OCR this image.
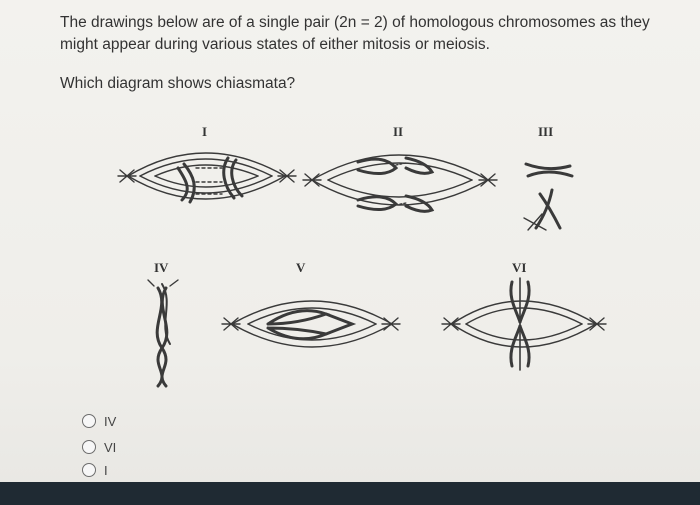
The drawings below are of a single pair (2n = 2) of homologous chromosomes as they might appear during various states of either mitosis or meiosis.
Which diagram shows chiasmata?
I	II	III
IV	V	VI
IV
VI
I
